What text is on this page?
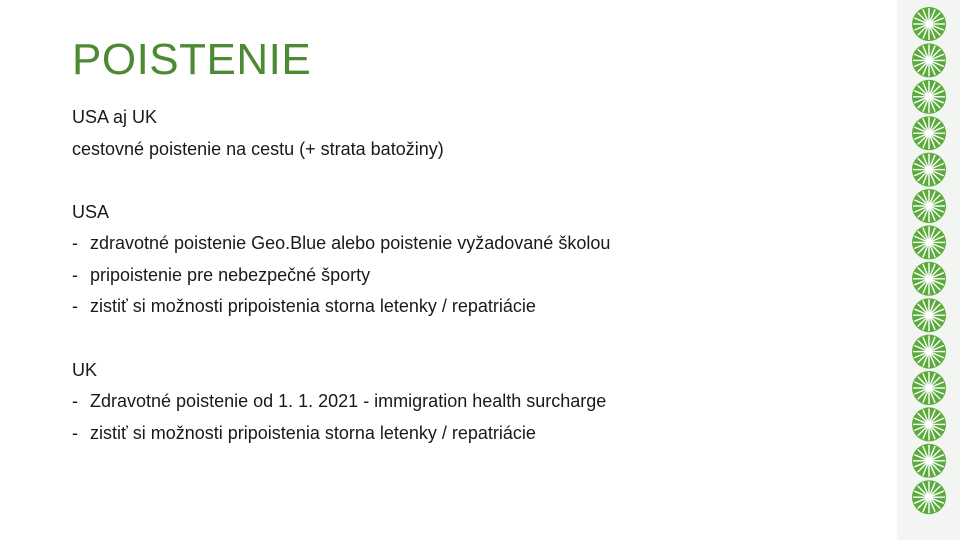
POISTENIE
USA aj UK
cestovné poistenie na cestu (+ strata batožiny)
USA
- zdravotné poistenie Geo.Blue alebo poistenie vyžadované školou
- pripoistenie pre nebezpečné športy
- zistiť si možnosti pripoistenia storna letenky / repatriácie
UK
- Zdravotné poistenie od 1. 1. 2021 - immigration health surcharge
- zistiť si možnosti pripoistenia storna letenky / repatriácie
